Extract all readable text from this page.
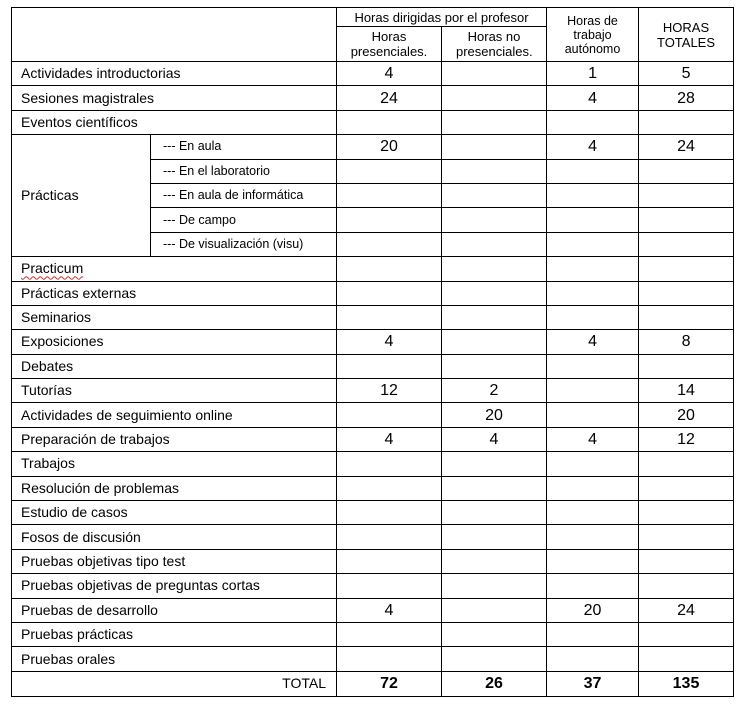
		Horas dirigidas por el profesor		Horas de trabajo autónomo	HORAS TOTALES
		Horas presenciales.	Horas no presenciales.		
Actividades introductorias		4		1	5
Sesiones magistrales		24		4	28
Eventos científicos					
Prácticas	--- En aula	20		4	24
	--- En el laboratorio				
	--- En aula de informática				
	--- De campo				
	--- De visualización (visu)				
Practicum					
Prácticas externas					
Seminarios					
Exposiciones		4		4	8
Debates					
Tutorías		12	2		14
Actividades de seguimiento online			20		20
Preparación de trabajos		4	4	4	12
Trabajos					
Resolución de problemas					
Estudio de casos					
Fosos de discusión					
Pruebas objetivas tipo test					
Pruebas objetivas de preguntas cortas					
Pruebas de desarrollo		4		20	24
Pruebas prácticas					
Pruebas orales					
TOTAL		72	26	37	135
